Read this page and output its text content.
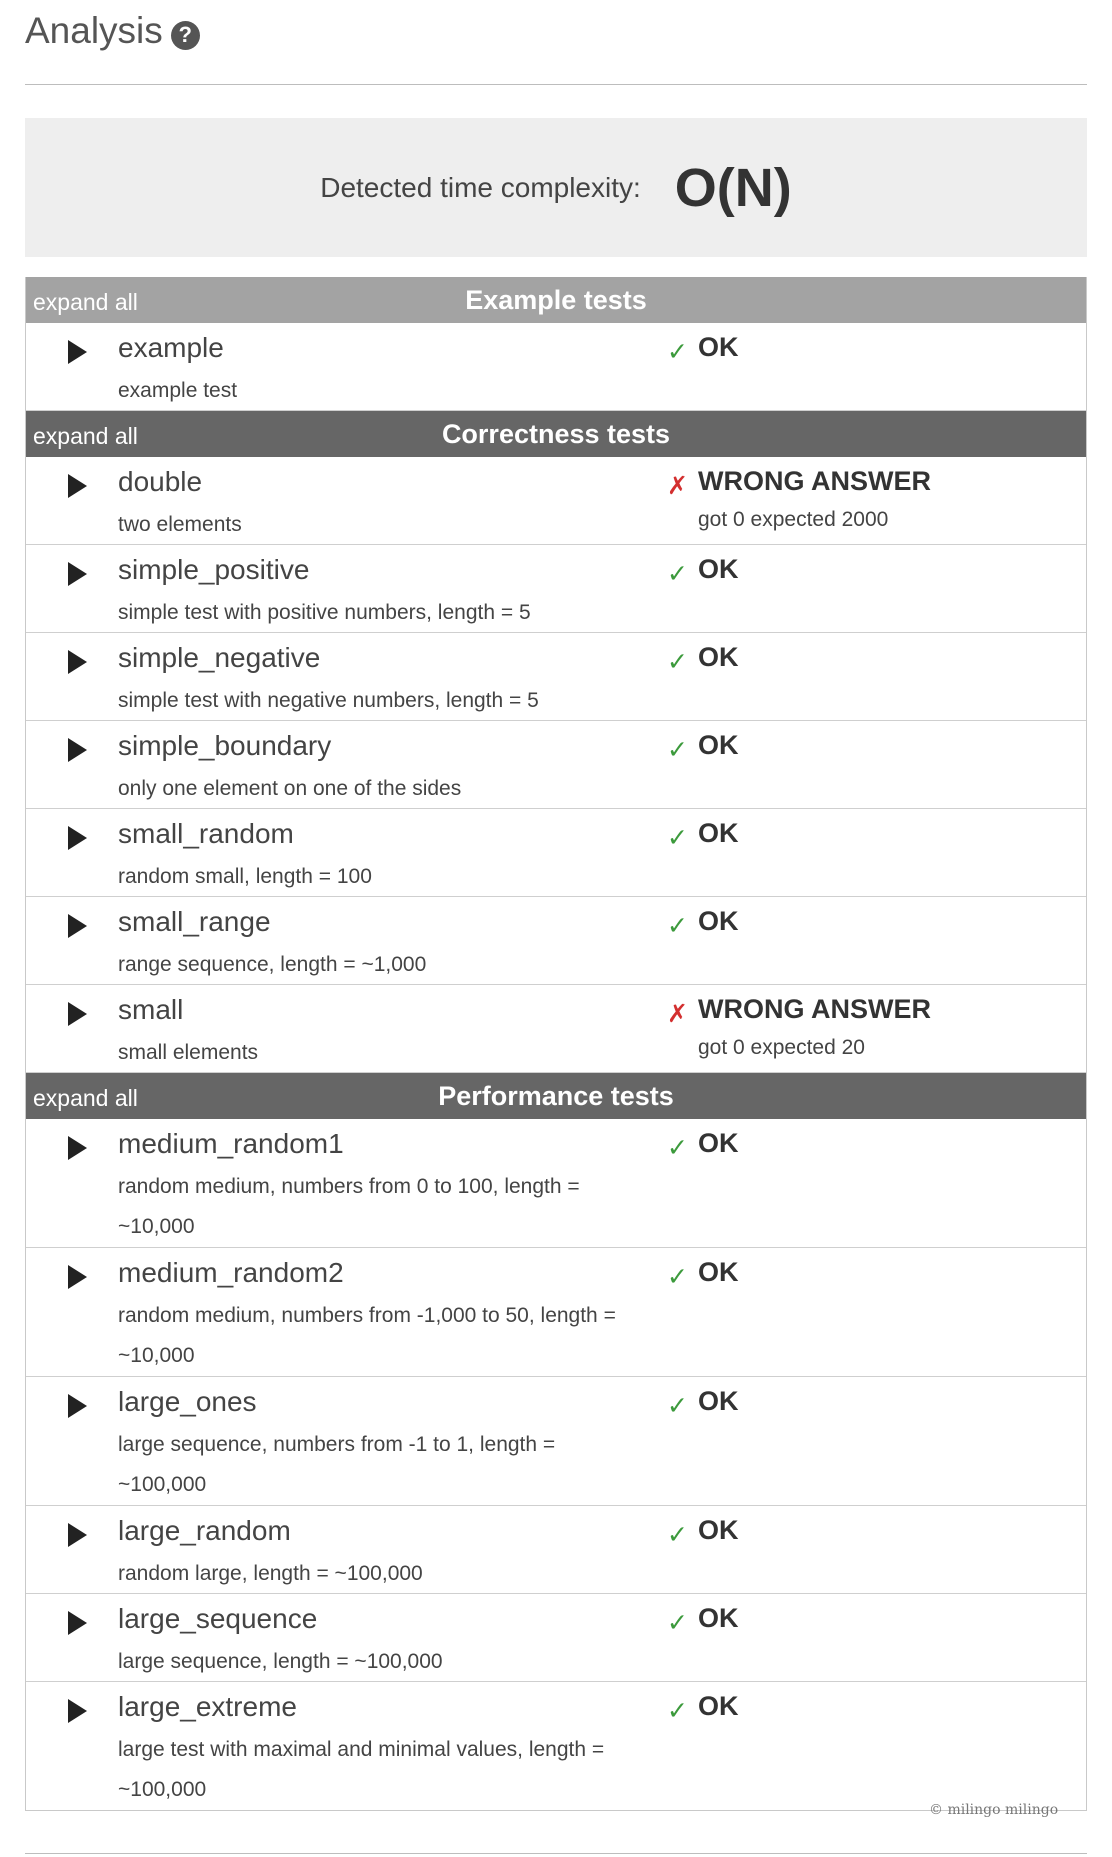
Analysis ?
Detected time complexity: O(N)
expand all	Example tests
example
example test
✓ OK
expand all	Correctness tests
double
two elements
✗ WRONG ANSWER
got 0 expected 2000
simple_positive
simple test with positive numbers, length = 5
✓ OK
simple_negative
simple test with negative numbers, length = 5
✓ OK
simple_boundary
only one element on one of the sides
✓ OK
small_random
random small, length = 100
✓ OK
small_range
range sequence, length = ~1,000
✓ OK
small
small elements
✗ WRONG ANSWER
got 0 expected 20
expand all	Performance tests
medium_random1
random medium, numbers from 0 to 100, length = ~10,000
✓ OK
medium_random2
random medium, numbers from -1,000 to 50, length = ~10,000
✓ OK
large_ones
large sequence, numbers from -1 to 1, length = ~100,000
✓ OK
large_random
random large, length = ~100,000
✓ OK
large_sequence
large sequence, length = ~100,000
✓ OK
large_extreme
large test with maximal and minimal values, length = ~100,000
✓ OK
© milingo milingo
